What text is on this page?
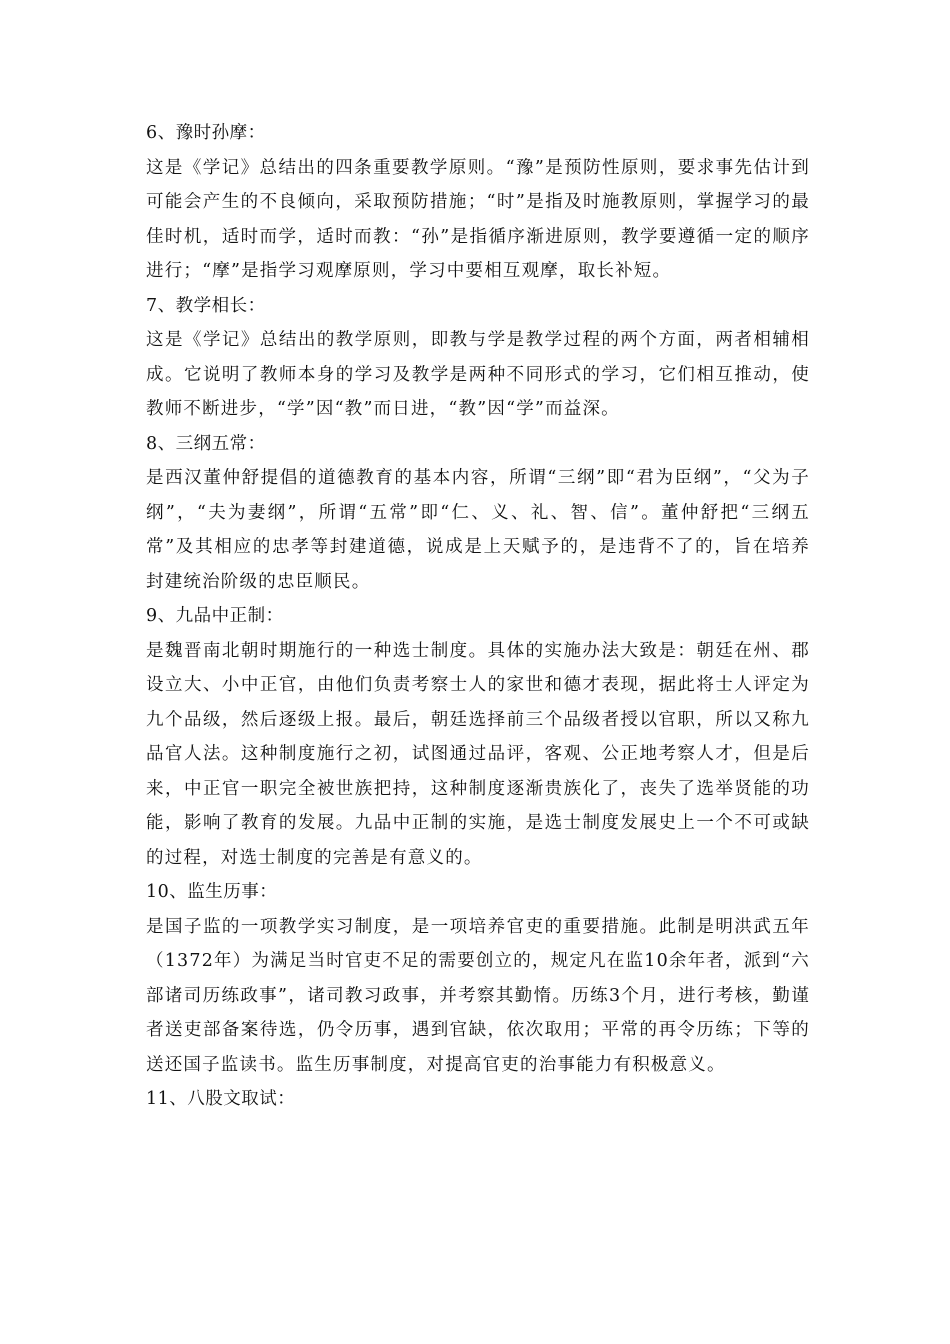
6、豫时孙摩：
这是《学记》总结出的四条重要教学原则。“豫”是预防性原则，要求事先估计到可能会产生的不良倾向，采取预防措施；“时”是指及时施教原则，掌握学习的最佳时机，适时而学，适时而教：“孙”是指循序渐进原则，教学要遵循一定的顺序进行；“摩”是指学习观摩原则，学习中要相互观摩，取长补短。
7、教学相长：
这是《学记》总结出的教学原则，即教与学是教学过程的两个方面，两者相辅相成。它说明了教师本身的学习及教学是两种不同形式的学习，它们相互推动，使教师不断进步，“学”因“教”而日进，“教”因“学”而益深。
8、三纲五常：
是西汉董仲舒提倡的道德教育的基本内容，所谓“三纲”即“君为臣纲”，“父为子纲”，“夫为妻纲”，所谓“五常”即“仁、义、礼、智、信”。董仲舒把“三纲五常”及其相应的忠孝等封建道德，说成是上天赋予的，是违背不了的，旨在培养封建统治阶级的忠臣顺民。
9、九品中正制：
是魏晋南北朝时期施行的一种选士制度。具体的实施办法大致是：朝廷在州、郡设立大、小中正官，由他们负责考察士人的家世和德才表现，据此将士人评定为九个品级，然后逐级上报。最后，朝廷选择前三个品级者授以官职，所以又称九品官人法。这种制度施行之初，试图通过品评，客观、公正地考察人才，但是后来，中正官一职完全被世族把持，这种制度逐渐贵族化了，丧失了选举贤能的功能，影响了教育的发展。九品中正制的实施，是选士制度发展史上一个不可或缺的过程，对选士制度的完善是有意义的。
10、监生历事：
是国子监的一项教学实习制度，是一项培养官吏的重要措施。此制是明洪武五年（1372年）为满足当时官吏不足的需要创立的，规定凡在监10余年者，派到“六部诸司历练政事”，诸司教习政事，并考察其勤惰。历练3个月，进行考核，勤谨者送吏部备案待选，仍令历事，遇到官缺，依次取用；平常的再令历练；下等的送还国子监读书。监生历事制度，对提高官吏的治事能力有积极意义。
11、八股文取试：
